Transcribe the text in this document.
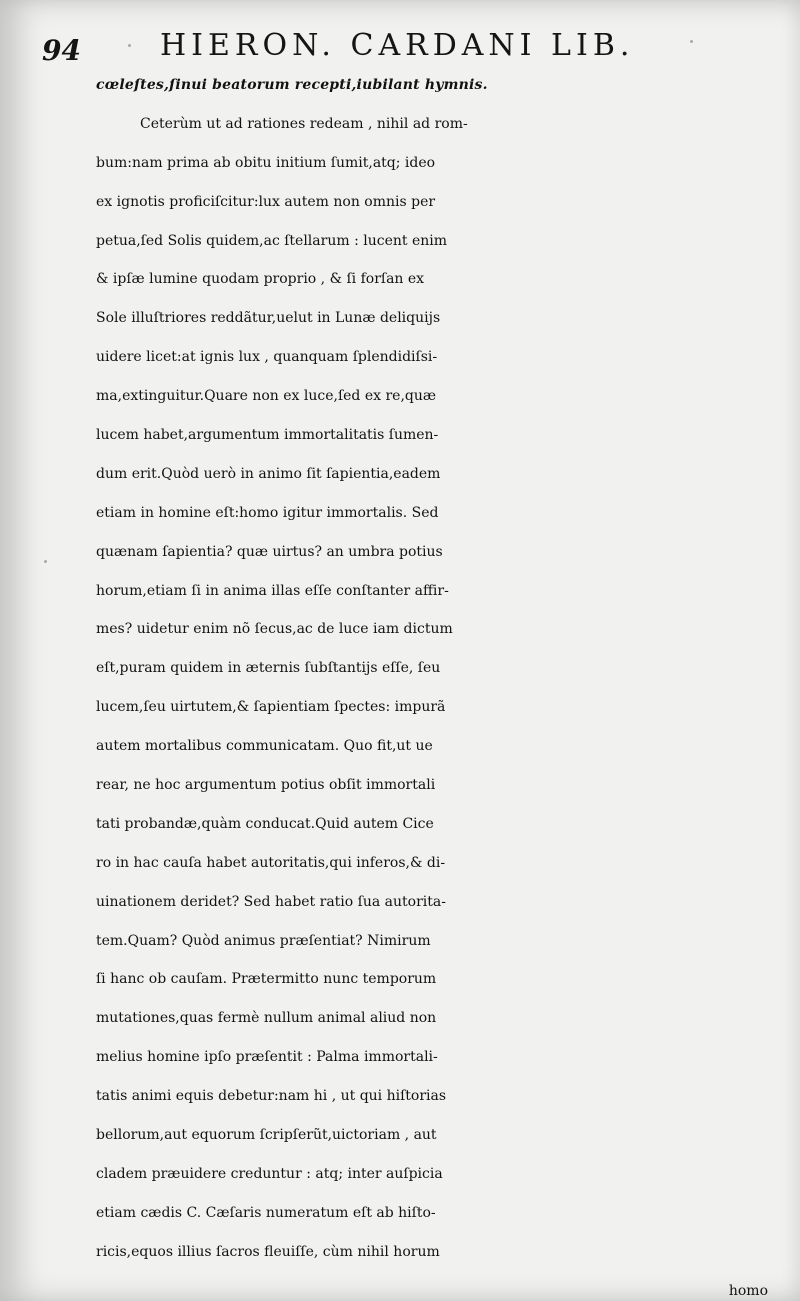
94	HIERON. CARDANI LIB.
cœleſtes,ſinui beatorum recepti,iubilant hymnis.
Ceterùm ut ad rationes redeam , nihil ad rom-
bum:nam prima ab obitu initium ſumit,atq; ideo
ex ignotis proficiſcitur:lux autem non omnis per
petua,ſed Solis quidem,ac ſtellarum : lucent enim
& ipſæ lumine quodam proprio , & ſi forſan ex
Sole illuſtriores reddãtur,uelut in Lunæ deliquijs
uidere licet:at ignis lux , quanquam ſplendidiſsi-
ma,extinguitur.Quare non ex luce,ſed ex re,quæ
lucem habet,argumentum immortalitatis ſumen-
dum erit.Quòd uerò in animo ſit ſapientia,eadem
etiam in homine eſt:homo igitur immortalis. Sed
quænam ſapientia? quæ uirtus? an umbra potius
horum,etiam ſi in anima illas eſſe conſtanter affir-
mes? uidetur enim nõ ſecus,ac de luce iam dictum
eſt,puram quidem in æternis ſubſtantijs eſſe, ſeu
lucem,ſeu uirtutem,& ſapientiam ſpectes: impurã
autem mortalibus communicatam. Quo fit,ut ue
rear, ne hoc argumentum potius obſit immortali
tati probandæ,quàm conducat.Quid autem Cice
ro in hac cauſa habet autoritatis,qui inferos,& di-
uinationem deridet? Sed habet ratio ſua autorita-
tem.Quam? Quòd animus præſentiat? Nimirum
ſi hanc ob cauſam. Prætermitto nunc temporum
mutationes,quas fermè nullum animal aliud non
melius homine ipſo præſentit : Palma immortali-
tatis animi equis debetur:nam hi , ut qui hiſtorias
bellorum,aut equorum ſcripſerũt,uictoriam , aut
cladem præuidere creduntur : atq; inter auſpicia
etiam cædis C. Cæſaris numeratum eſt ab hiſto-
ricis,equos illius ſacros fleuiſſe, cùm nihil horum
homo
